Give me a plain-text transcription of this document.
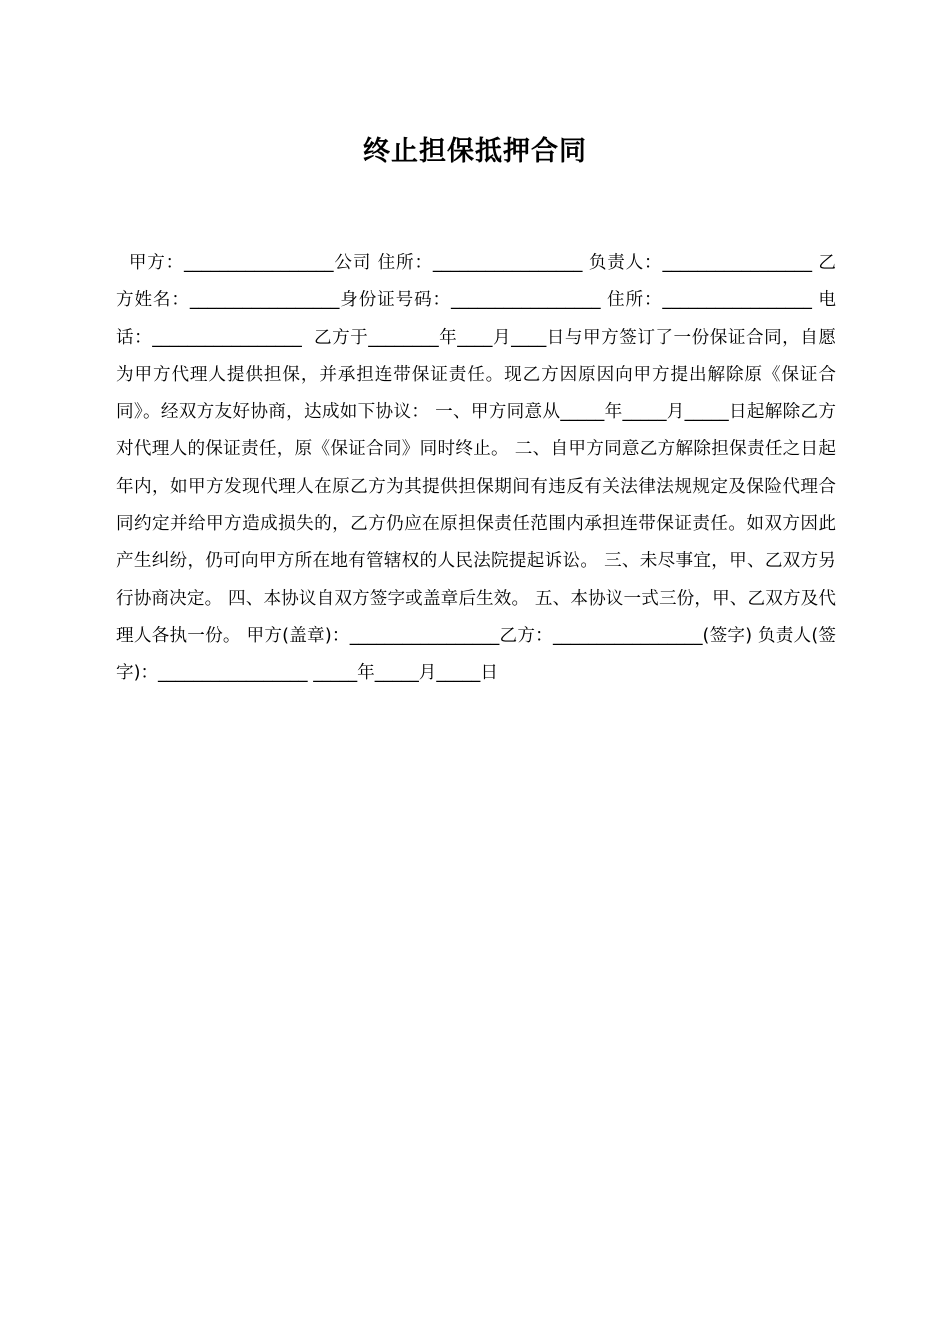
终止担保抵押合同
甲方：_________________公司 住所：_________________ 负责人：_________________ 乙方姓名：_________________身份证号码：_________________ 住所：_________________ 电话：_________________  乙方于________年____月____日与甲方签订了一份保证合同，自愿为甲方代理人提供担保，并承担连带保证责任。现乙方因原因向甲方提出解除原《保证合同》。经双方友好协商，达成如下协议： 一、甲方同意从_____年_____月_____日起解除乙方对代理人的保证责任，原《保证合同》同时终止。 二、自甲方同意乙方解除担保责任之日起年内，如甲方发现代理人在原乙方为其提供担保期间有违反有关法律法规规定及保险代理合同约定并给甲方造成损失的，乙方仍应在原担保责任范围内承担连带保证责任。如双方因此产生纠纷，仍可向甲方所在地有管辖权的人民法院提起诉讼。 三、未尽事宜，甲、乙双方另行协商决定。 四、本协议自双方签字或盖章后生效。 五、本协议一式三份，甲、乙双方及代理人各执一份。 甲方(盖章)：_________________乙方：_________________(签字) 负责人(签字)：_________________ _____年_____月_____日
